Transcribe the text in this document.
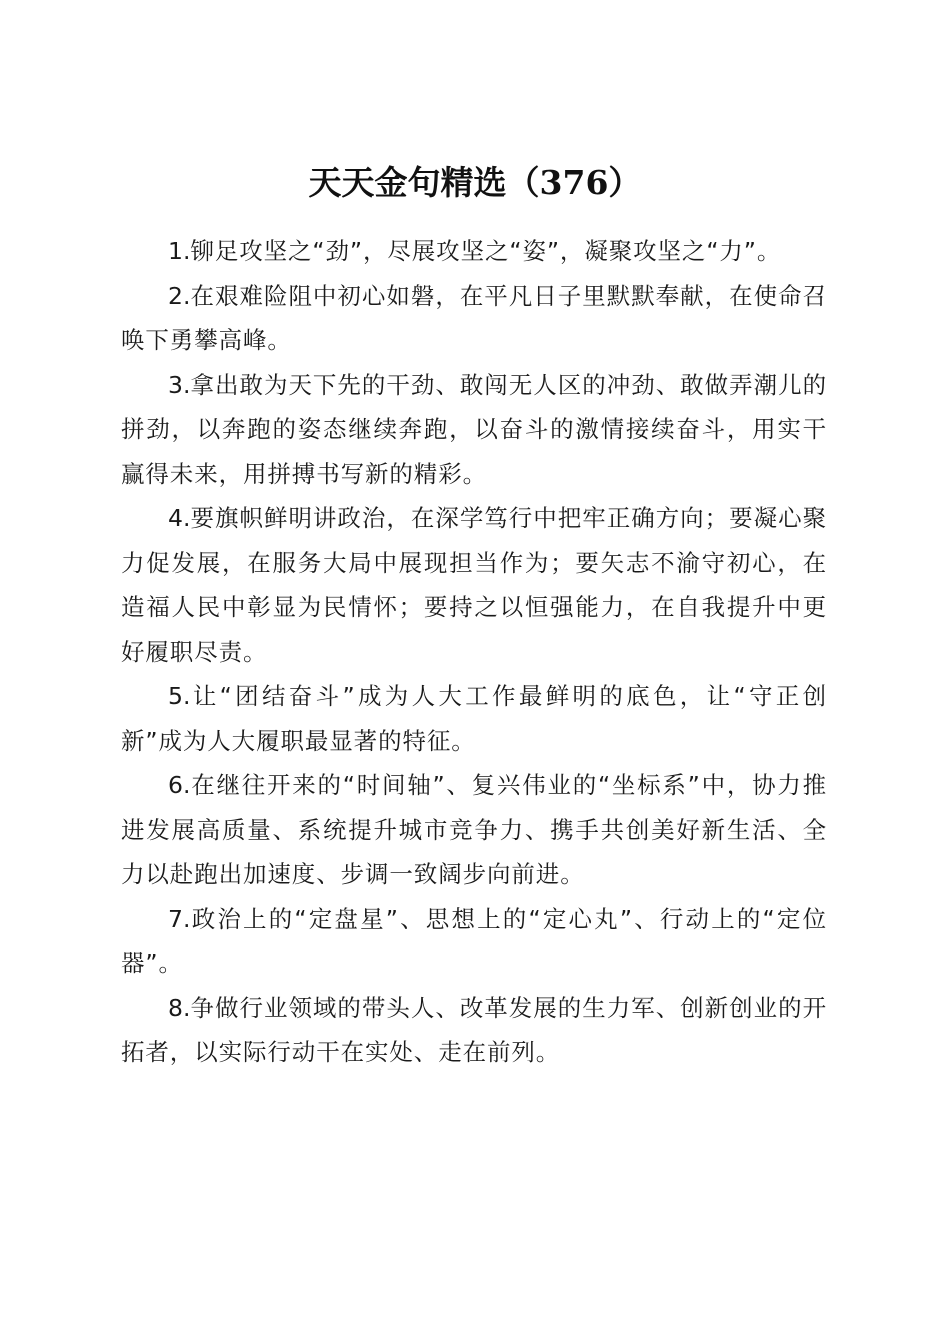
天天金句精选（376）

1.铆足攻坚之“劲”，尽展攻坚之“姿”，凝聚攻坚之“力”。

2.在艰难险阻中初心如磐，在平凡日子里默默奉献，在使命召唤下勇攀高峰。

3.拿出敢为天下先的干劲、敢闯无人区的冲劲、敢做弄潮儿的拼劲，以奔跑的姿态继续奔跑，以奋斗的激情接续奋斗，用实干赢得未来，用拼搏书写新的精彩。

4.要旗帜鲜明讲政治，在深学笃行中把牢正确方向；要凝心聚力促发展，在服务大局中展现担当作为；要矢志不渝守初心，在造福人民中彰显为民情怀；要持之以恒强能力，在自我提升中更好履职尽责。

5.让“团结奋斗”成为人大工作最鲜明的底色，让“守正创新”成为人大履职最显著的特征。

6.在继往开来的“时间轴”、复兴伟业的“坐标系”中，协力推进发展高质量、系统提升城市竞争力、携手共创美好新生活、全力以赴跑出加速度、步调一致阔步向前进。

7.政治上的“定盘星”、思想上的“定心丸”、行动上的“定位器”。

8.争做行业领域的带头人、改革发展的生力军、创新创业的开拓者，以实际行动干在实处、走在前列。
